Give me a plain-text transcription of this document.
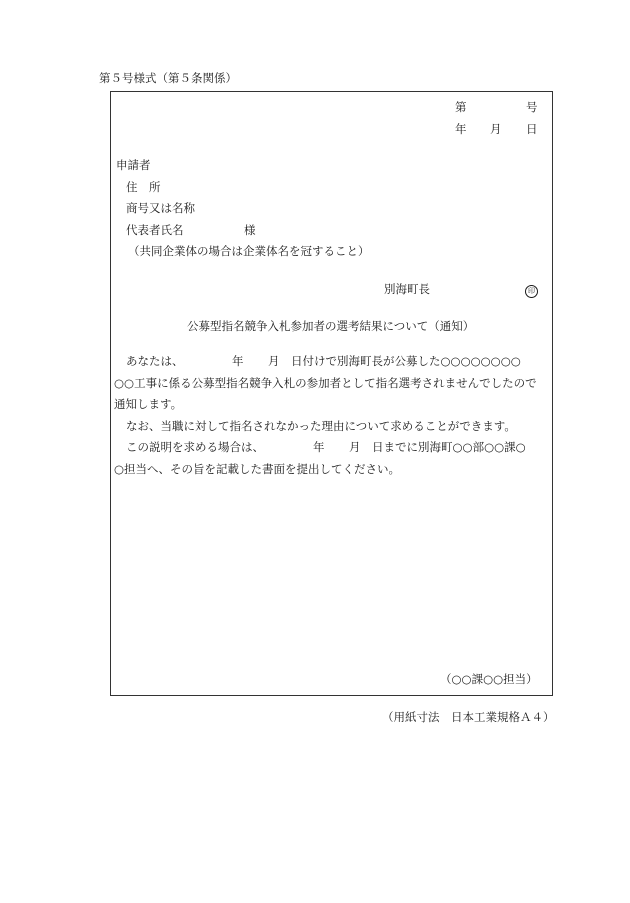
第５号様式（第５条関係）
第	号
年 月 日
申請者
住　所
商号又は名称
代表者氏名	様
（共同企業体の場合は企業体名を冠すること）
別海町長	印
公募型指名競争入札参加者の選考結果について（通知）
あなたは、	年 月 日付けで別海町長が公募した○○○○○○○○
○○工事に係る公募型指名競争入札の参加者として指名選考されませんでしたので
通知します。
なお、当職に対して指名されなかった理由について求めることができます。
この説明を求める場合は、	年 月 日までに別海町○○部○○課○
○担当へ、その旨を記載した書面を提出してください。
（○○課○○担当）
（用紙寸法　日本工業規格Ａ４）
